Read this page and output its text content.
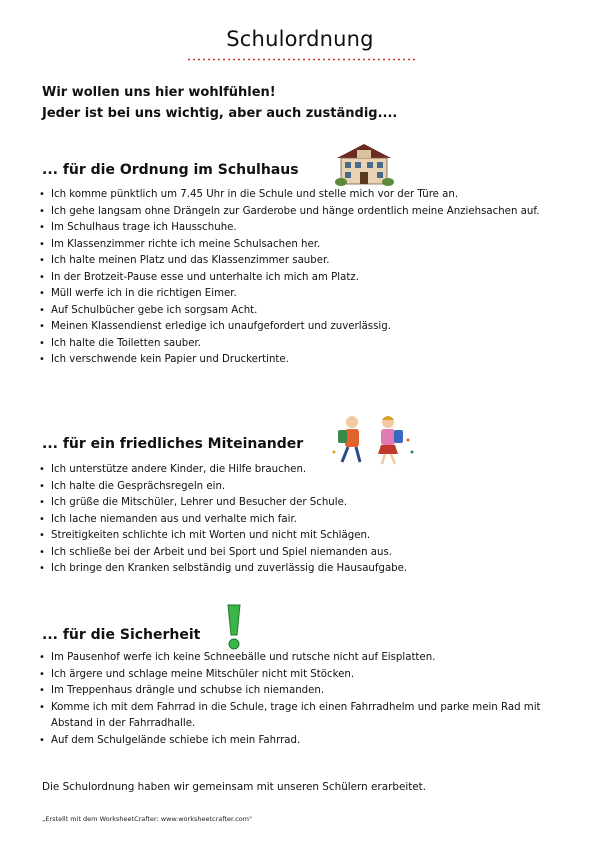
Schulordnung
Wir wollen uns hier wohlfühlen!
Jeder ist bei uns wichtig, aber auch zuständig....
... für die Ordnung im Schulhaus
• Ich komme pünktlich um 7.45 Uhr in die Schule und stelle mich vor der Türe an.
• Ich gehe langsam ohne Drängeln zur Garderobe und hänge ordentlich meine Anziehsachen auf.
• Im Schulhaus trage ich Hausschuhe.
• Im Klassenzimmer richte ich meine Schulsachen her.
• Ich halte meinen Platz und das Klassenzimmer sauber.
• In der Brotzeit-Pause esse und unterhalte ich mich am Platz.
• Müll werfe ich in die richtigen Eimer.
• Auf Schulbücher gebe ich sorgsam Acht.
• Meinen Klassendienst erledige ich unaufgefordert und zuverlässig.
• Ich halte die Toiletten sauber.
• Ich verschwende kein Papier und Druckertinte.
... für ein friedliches Miteinander
• Ich unterstütze andere Kinder, die Hilfe brauchen.
• Ich halte die Gesprächsregeln ein.
• Ich grüße die Mitschüler, Lehrer und Besucher der Schule.
• Ich lache niemanden aus und verhalte mich fair.
• Streitigkeiten schlichte ich mit Worten und nicht mit Schlägen.
• Ich schließe bei der Arbeit und bei Sport und Spiel niemanden aus.
• Ich bringe den Kranken selbständig und zuverlässig die Hausaufgabe.
... für die Sicherheit
• Im Pausenhof werfe ich keine Schneebälle und rutsche nicht auf Eisplatten.
• Ich ärgere und schlage meine Mitschüler nicht mit Stöcken.
• Im Treppenhaus drängle und schubse ich niemanden.
• Komme ich mit dem Fahrrad in die Schule, trage ich einen Fahrradhelm und parke mein Rad mit Abstand in der Fahrradhalle.
• Auf dem Schulgelände schiebe ich mein Fahrrad.
Die Schulordnung haben wir gemeinsam mit unseren Schülern erarbeitet.
„Erstellt mit dem WorksheetCrafter: www.worksheetcrafter.com"
